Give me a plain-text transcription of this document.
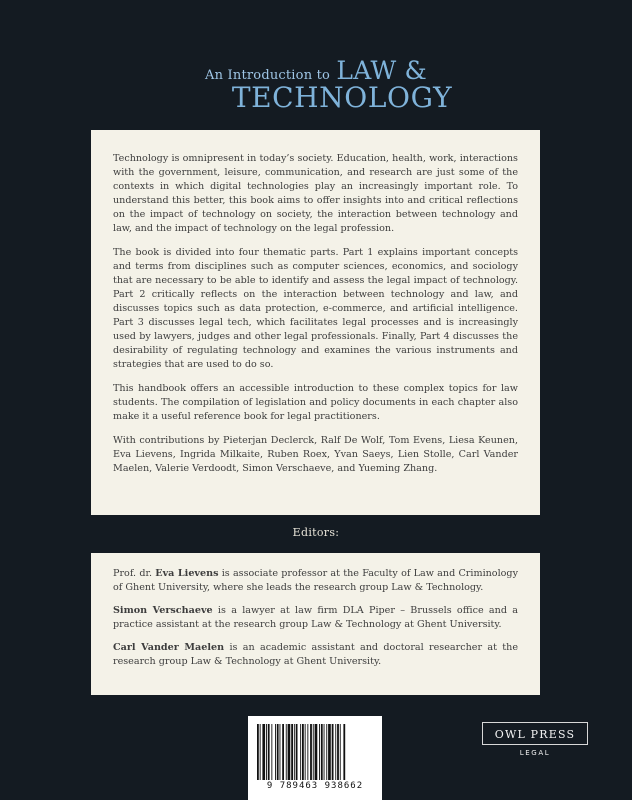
An Introduction to LAW &
TECHNOLOGY

Technology is omnipresent in today’s society. Education, health, work, interactions with the government, leisure, communication, and research are just some of the contexts in which digital technologies play an increasingly important role. To understand this better, this book aims to offer insights into and critical reflections on the impact of technology on society, the interaction between technology and law, and the impact of technology on the legal profession.

The book is divided into four thematic parts. Part 1 explains important concepts and terms from disciplines such as computer sciences, economics, and sociology that are necessary to be able to identify and assess the legal impact of technology. Part 2 critically reflects on the interaction between technology and law, and discusses topics such as data protection, e-commerce, and artificial intelligence. Part 3 discusses legal tech, which facilitates legal processes and is increasingly used by lawyers, judges and other legal professionals. Finally, Part 4 discusses the desirability of regulating technology and examines the various instruments and strategies that are used to do so.

This handbook offers an accessible introduction to these complex topics for law students. The compilation of legislation and policy documents in each chapter also make it a useful reference book for legal practitioners.

With contributions by Pieterjan Declerck, Ralf De Wolf, Tom Evens, Liesa Keunen, Eva Lievens, Ingrida Milkaite, Ruben Roex, Yvan Saeys, Lien Stolle, Carl Vander Maelen, Valerie Verdoodt, Simon Verschaeve, and Yueming Zhang.

Editors:

Prof. dr. Eva Lievens is associate professor at the Faculty of Law and Criminology of Ghent University, where she leads the research group Law & Technology.

Simon Verschaeve is a lawyer at law firm DLA Piper – Brussels office and a practice assistant at the research group Law & Technology at Ghent University.

Carl Vander Maelen is an academic assistant and doctoral researcher at the research group Law & Technology at Ghent University.

9 789463 938662
OWL PRESS
LEGAL
